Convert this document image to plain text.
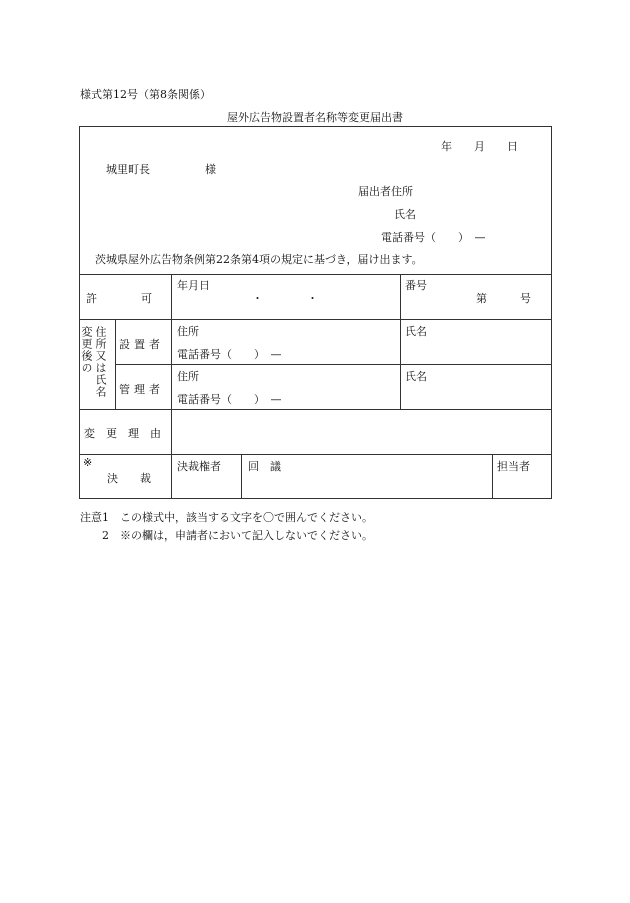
様式第12号（第8条関係）
屋外広告物設置者名称等変更届出書
年　　月　　日
城里町長　　　　　様
届出者住所
氏名
電話番号（　　）　—
茨城県屋外広告物条例第22条第4項の規定に基づき，届け出ます。
許　　　　可
年月日
・　　　　・
番号
第　　　号
住所又は氏名
変更後の 設置者
住所
電話番号（　　）　—
氏名
管理者
住所
電話番号（　　）　—
氏名
変　更　理　由
※
決　　裁
決裁権者 回　議	担当者
注意1　この様式中，該当する文字を〇で囲んでください。
　　2　※の欄は，申請者において記入しないでください。
